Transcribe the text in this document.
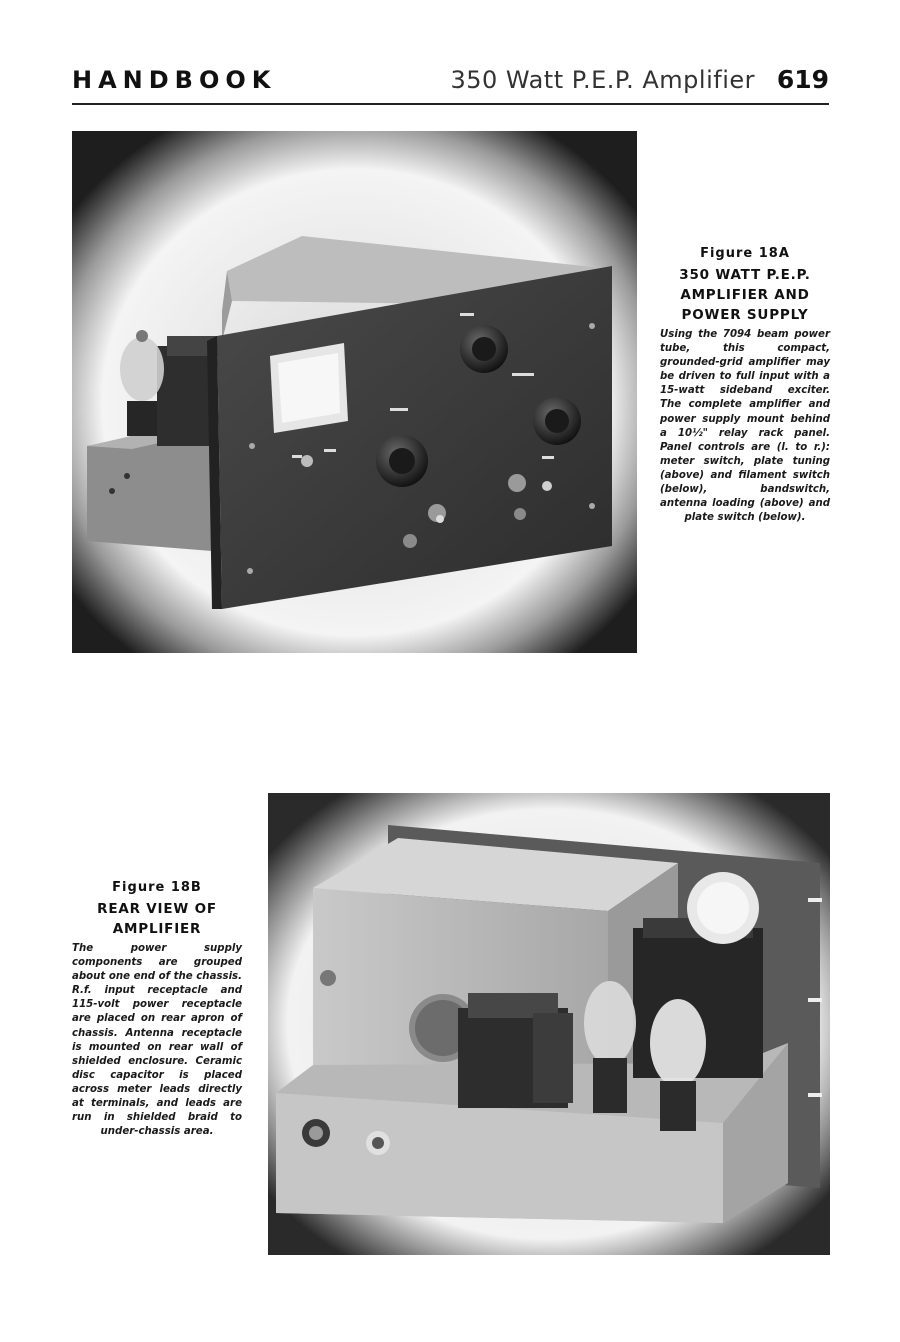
HANDBOOK	350 Watt P.E.P. Amplifier 619
Figure 18A
350 WATT P.E.P. AMPLIFIER AND POWER SUPPLY
Using the 7094 beam power tube, this compact, grounded-grid amplifier may be driven to full input with a 15-watt sideband exciter. The complete amplifier and power supply mount behind a 10½" relay rack panel. Panel controls are (l. to r.): meter switch, plate tuning (above) and filament switch (below), bandswitch, antenna loading (above) and plate switch (below).
Figure 18B
REAR VIEW OF AMPLIFIER
The power supply components are grouped about one end of the chassis. R.f. input receptacle and 115-volt power receptacle are placed on rear apron of chassis. Antenna receptacle is mounted on rear wall of shielded enclosure. Ceramic disc capacitor is placed across meter leads directly at terminals, and leads are run in shielded braid to under-chassis area.
